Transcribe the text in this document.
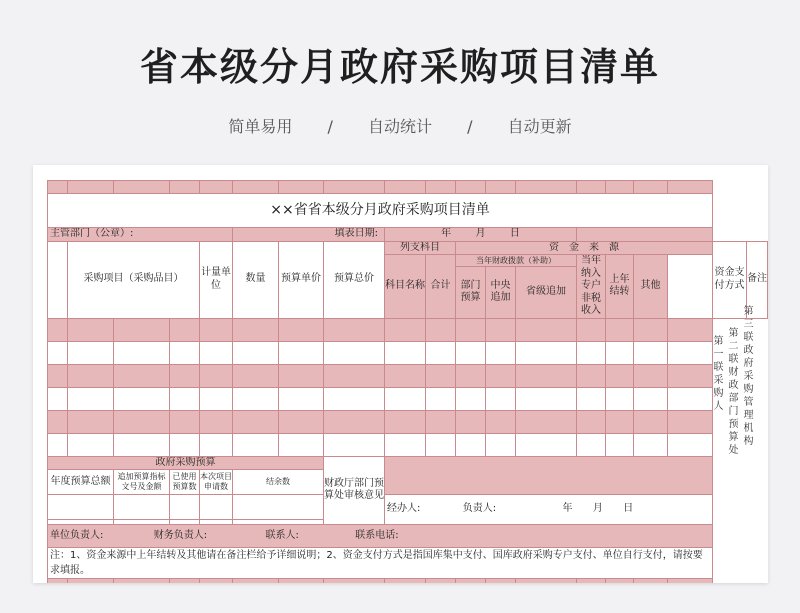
省本级分月政府采购项目清单
简单易用 / 自动统计 / 自动更新

××省省本级分月政府采购项目清单																		
主管部门（公章）:					填表日期:			年 月 日										
	采购项目（采购品目）			计量单位	数量	预算单价	预算总价	列支科目		资　金　来　源							资金支付方式	备注
								科目名称	合计	当年财政拨款（补助）			当年纳入专户非税收入	上年结转	其他			
										部门预算	中央追加	省级追加						

政府采购预算							财政厅部门预算处审核意见											
年度预算总额		追加预算指标文号及金额	已使用预算数	本次项目申请数	结余数													

								经办人: 负责人: 年 月 日										

单位负责人: 财务负责人: 联系人: 联系电话:																		
注：1、资金来源中上年结转及其他请在备注栏给予详细说明；2、资金支付方式是指国库集中支付、国库政府采购专户支付、单位自行支付，请按要求填报。																		

第一联采购人 第二联财政部门预算处 第三联政府采购管理机构
